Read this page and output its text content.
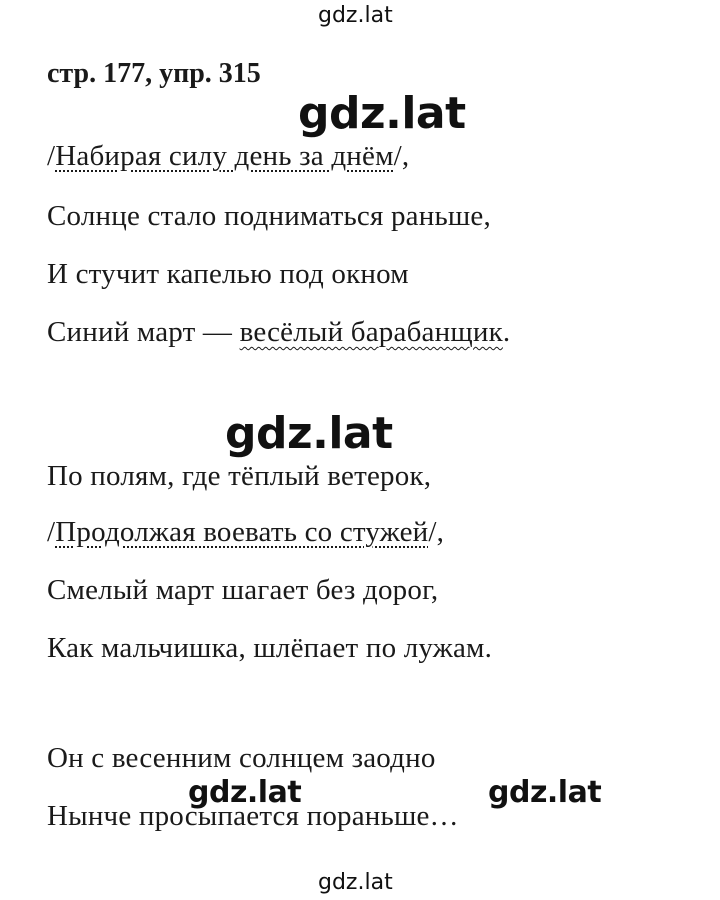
gdz.lat
стр. 177, упр. 315
gdz.lat
/Набирая силу день за днём/,
Солнце стало подниматься раньше,
И стучит капелью под окном
Синий март — весёлый барабанщик.
gdz.lat
По полям, где тёплый ветерок,
/Продолжая воевать со стужей/,
Смелый март шагает без дорог,
Как мальчишка, шлёпает по лужам.
Он с весенним солнцем заодно
Нынче просыпается пораньше…
gdz.lat	gdz.lat
gdz.lat
